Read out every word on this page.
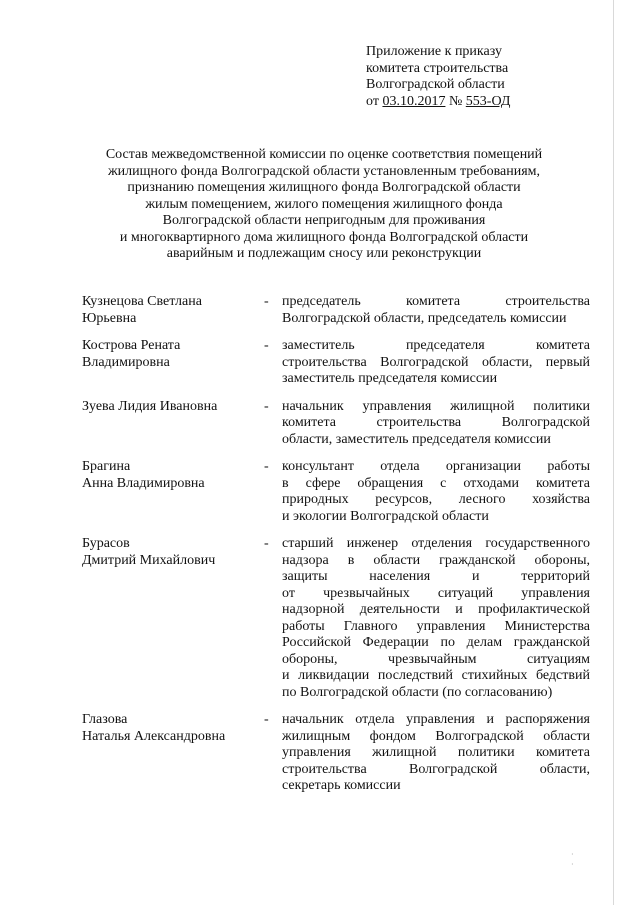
Приложение к приказу
комитета строительства
Волгоградской области
от 03.10.2017 № 553-ОД
Состав межведомственной комиссии по оценке соответствия помещений
жилищного фонда Волгоградской области установленным требованиям,
признанию помещения жилищного фонда Волгоградской области
жилым помещением, жилого помещения жилищного фонда
Волгоградской области непригодным для проживания
и многоквартирного дома жилищного фонда Волгоградской области
аварийным и подлежащим сносу или реконструкции
Кузнецова Светлана
Юрьевна
- председатель комитета строительства
Волгоградской области, председатель комиссии
Кострова Рената
Владимировна
- заместитель председателя комитета
строительства Волгоградской области, первый
заместитель председателя комиссии
Зуева Лидия Ивановна	- начальник управления жилищной политики
комитета строительства Волгоградской
области, заместитель председателя комиссии
Брагина
Анна Владимировна
- консультант отдела организации работы
в сфере обращения с отходами комитета
природных ресурсов, лесного хозяйства
и экологии Волгоградской области
Бурасов
Дмитрий Михайлович
- старший инженер отделения государственного
надзора в области гражданской обороны,
защиты населения и территорий
от чрезвычайных ситуаций управления
надзорной деятельности и профилактической
работы Главного управления Министерства
Российской Федерации по делам гражданской
обороны, чрезвычайным ситуациям
и ликвидации последствий стихийных бедствий
по Волгоградской области (по согласованию)
Глазова
Наталья Александровна
- начальник отдела управления и распоряжения
жилищным фондом Волгоградской области
управления жилищной политики комитета
строительства Волгоградской области,
секретарь комиссии
·
·
